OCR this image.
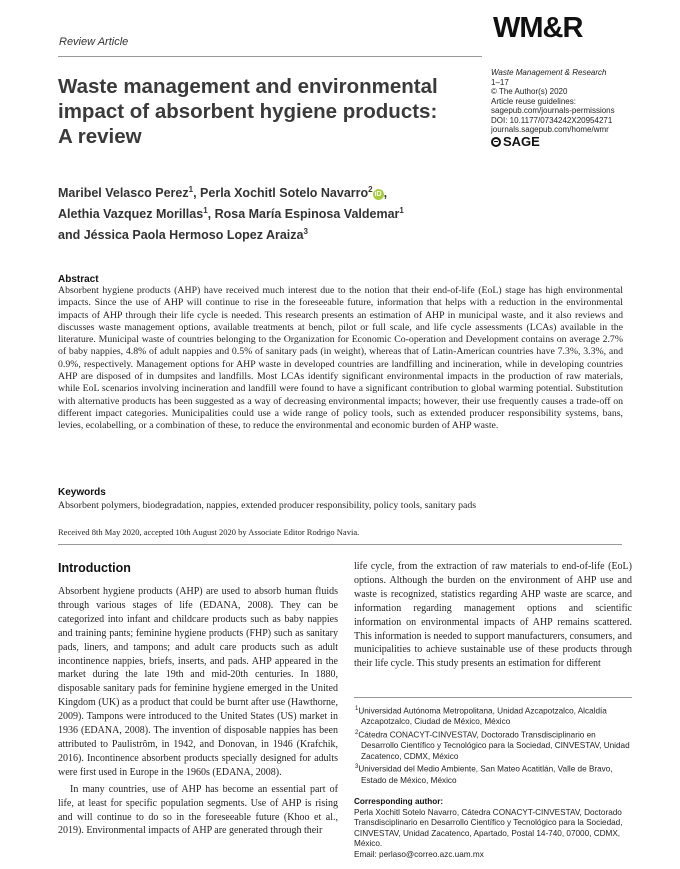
Review Article	WM&R
Waste management and environmental impact of absorbent hygiene products: A review
Waste Management & Research
1–17
© The Author(s) 2020
Article reuse guidelines:
sagepub.com/journals-permissions
DOI: 10.1177/0734242X20954271
journals.sagepub.com/home/wmr
SAGE
Maribel Velasco Perez$^1$, Perla Xochitl Sotelo Navarro$^2$iD ,
Alethia Vazquez Morillas$^1$, Rosa María Espinosa Valdemar$^1$
and Jéssica Paola Hermoso Lopez Araiza$^3$
Abstract
Absorbent hygiene products (AHP) have received much interest due to the notion that their end-of-life (EoL) stage has high environmental impacts. Since the use of AHP will continue to rise in the foreseeable future, information that helps with a reduction in the environmental impacts of AHP through their life cycle is needed. This research presents an estimation of AHP in municipal waste, and it also reviews and discusses waste management options, available treatments at bench, pilot or full scale, and life cycle assessments (LCAs) available in the literature. Municipal waste of countries belonging to the Organization for Economic Co-operation and Development contains on average 2.7% of baby nappies, 4.8% of adult nappies and 0.5% of sanitary pads (in weight), whereas that of Latin-American countries have 7.3%, 3.3%, and 0.9%, respectively. Management options for AHP waste in developed countries are landfilling and incineration, while in developing countries AHP are disposed of in dumpsites and landfills. Most LCAs identify significant environmental impacts in the production of raw materials, while EoL scenarios involving incineration and landfill were found to have a significant contribution to global warming potential. Substitution with alternative products has been suggested as a way of decreasing environmental impacts; however, their use frequently causes a trade-off on different impact categories. Municipalities could use a wide range of policy tools, such as extended producer responsibility systems, bans, levies, ecolabelling, or a combination of these, to reduce the environmental and economic burden of AHP waste.
Keywords
Absorbent polymers, biodegradation, nappies, extended producer responsibility, policy tools, sanitary pads
Received 8th May 2020, accepted 10th August 2020 by Associate Editor Rodrigo Navia.
Introduction

Absorbent hygiene products (AHP) are used to absorb human fluids through various stages of life (EDANA, 2008). They can be categorized into infant and childcare products such as baby nappies and training pants; feminine hygiene products (FHP) such as sanitary pads, liners, and tampons; and adult care products such as adult incontinence nappies, briefs, inserts, and pads. AHP appeared in the market during the late 19th and mid-20th centuries. In 1880, disposable sanitary pads for feminine hygiene emerged in the United Kingdom (UK) as a product that could be burnt after use (Hawthorne, 2009). Tampons were introduced to the United States (US) market in 1936 (EDANA, 2008). The invention of disposable nappies has been attributed to Paulistrôm, in 1942, and Donovan, in 1946 (Krafchik, 2016). Incontinence absorbent products specially designed for adults were first used in Europe in the 1960s (EDANA, 2008).

In many countries, use of AHP has become an essential part of life, at least for specific population segments. Use of AHP is rising and will continue to do so in the foreseeable future (Khoo et al., 2019). Environmental impacts of AHP are generated through their

life cycle, from the extraction of raw materials to end-of-life (EoL) options. Although the burden on the environment of AHP use and waste is recognized, statistics regarding AHP waste are scarce, and information regarding management options and scientific information on environmental impacts of AHP remains scattered. This information is needed to support manufacturers, consumers, and municipalities to achieve sustainable use of these products through their life cycle. This study presents an estimation for different

$^1$Universidad Autónoma Metropolitana, Unidad Azcapotzalco, Alcaldía Azcapotzalco, Ciudad de México, México
$^2$Cátedra CONACYT-CINVESTAV, Doctorado Transdisciplinario en Desarrollo Científico y Tecnológico para la Sociedad, CINVESTAV, Unidad Zacatenco, CDMX, México
$^3$Universidad del Medio Ambiente, San Mateo Acatitlán, Valle de Bravo, Estado de México, México
Corresponding author:
Perla Xochitl Sotelo Navarro, Cátedra CONACYT-CINVESTAV, Doctorado Transdisciplinario en Desarrollo Científico y Tecnológico para la Sociedad, CINVESTAV, Unidad Zacatenco, Apartado, Postal 14-740, 07000, CDMX, México.
Email: perlaso@correo.azc.uam.mx
